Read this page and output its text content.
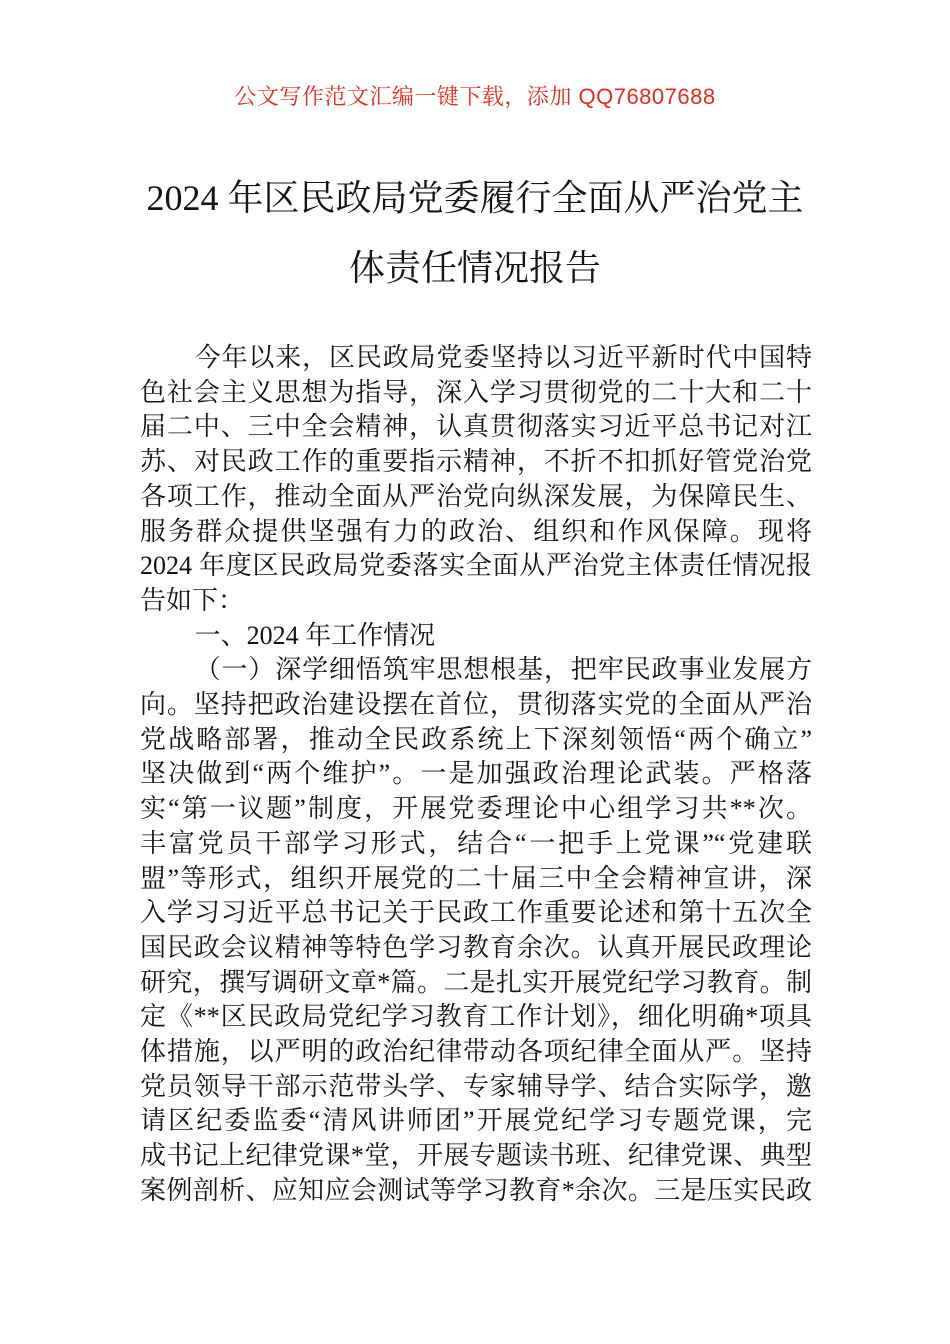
公文写作范文汇编一键下载，添加 QQ76807688
2024 年区民政局党委履行全面从严治党主
体责任情况报告
今年以来，区民政局党委坚持以习近平新时代中国特
色社会主义思想为指导，深入学习贯彻党的二十大和二十
届二中、三中全会精神，认真贯彻落实习近平总书记对江
苏、对民政工作的重要指示精神，不折不扣抓好管党治党
各项工作，推动全面从严治党向纵深发展，为保障民生、
服务群众提供坚强有力的政治、组织和作风保障。现将
2024 年度区民政局党委落实全面从严治党主体责任情况报
告如下：
一、2024 年工作情况
（一）深学细悟筑牢思想根基，把牢民政事业发展方
向。坚持把政治建设摆在首位，贯彻落实党的全面从严治
党战略部署，推动全民政系统上下深刻领悟“两个确立”
坚决做到“两个维护”。一是加强政治理论武装。严格落
实“第一议题”制度，开展党委理论中心组学习共**次。
丰富党员干部学习形式，结合“一把手上党课”“党建联
盟”等形式，组织开展党的二十届三中全会精神宣讲，深
入学习习近平总书记关于民政工作重要论述和第十五次全
国民政会议精神等特色学习教育余次。认真开展民政理论
研究，撰写调研文章*篇。二是扎实开展党纪学习教育。制
定《**区民政局党纪学习教育工作计划》，细化明确*项具
体措施，以严明的政治纪律带动各项纪律全面从严。坚持
党员领导干部示范带头学、专家辅导学、结合实际学，邀
请区纪委监委“清风讲师团”开展党纪学习专题党课，完
成书记上纪律党课*堂，开展专题读书班、纪律党课、典型
案例剖析、应知应会测试等学习教育*余次。三是压实民政
